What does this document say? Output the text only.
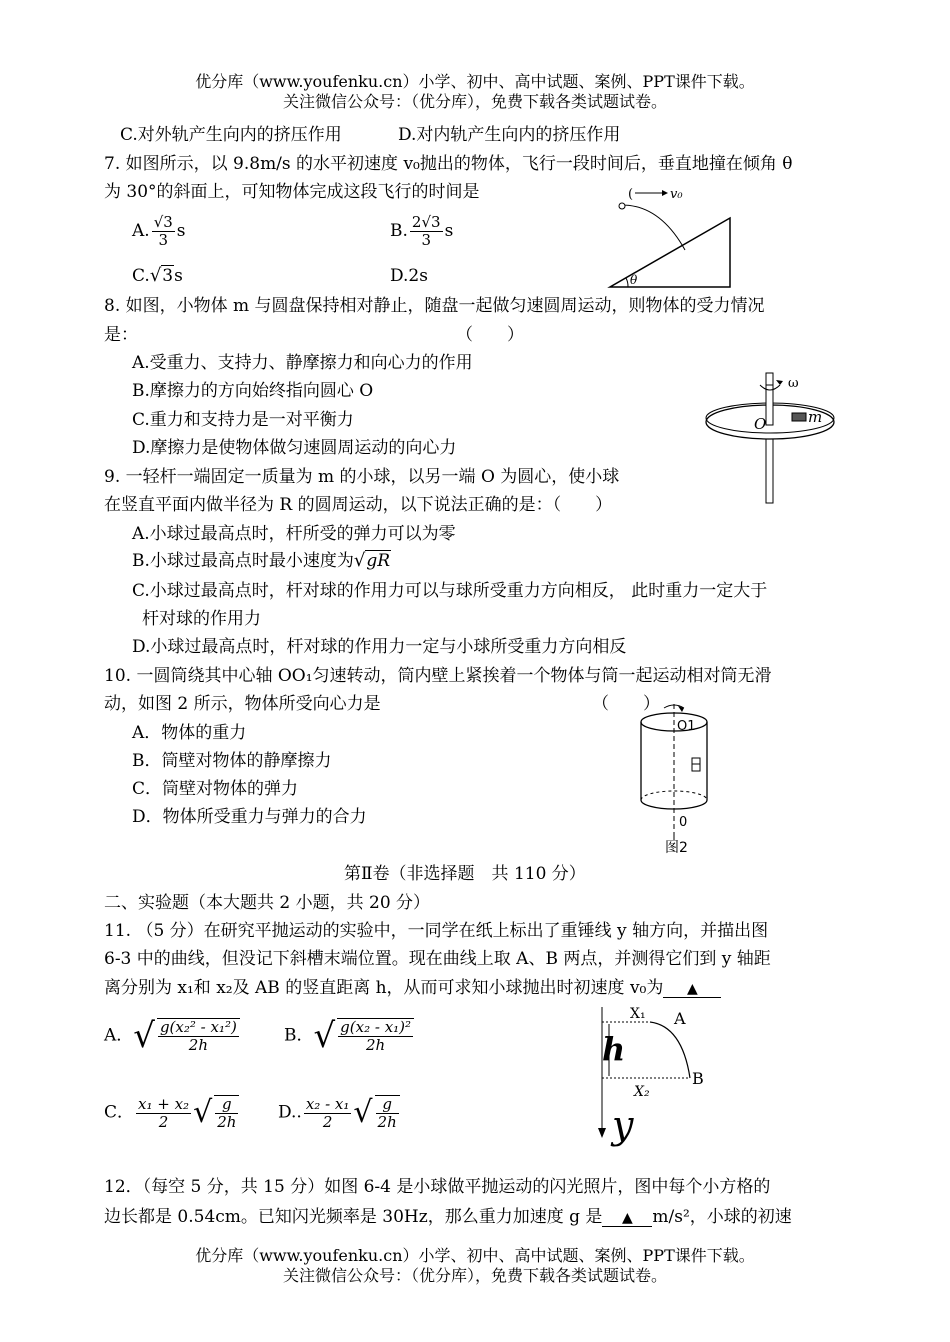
优分库（www.youfenku.cn）小学、初中、高中试题、案例、PPT课件下载。
关注微信公众号：（优分库），免费下载各类试题试卷。
C.对外轨产生向内的挤压作用	D.对内轨产生向内的挤压作用
7. 如图所示，以 9.8m/s 的水平初速度 v₀抛出的物体，飞行一段时间后，垂直地撞在倾角 θ
为 30°的斜面上，可知物体完成这段飞行的时间是
A. $\frac{√3}{3}$ s	B. $\frac{2√3}{3}$ s
C.√3s	D.2s
(	v₀
θ
8. 如图，小物体 m 与圆盘保持相对静止，随盘一起做匀速圆周运动，则物体的受力情况
是：	（　　）
A.受重力、支持力、静摩擦力和向心力的作用
B.摩擦力的方向始终指向圆心 O
C.重力和支持力是一对平衡力
D.摩擦力是使物体做匀速圆周运动的向心力
ω
O	m
9. 一轻杆一端固定一质量为 m 的小球，以另一端 O 为圆心，使小球
在竖直平面内做半径为 R 的圆周运动，以下说法正确的是：（　　）
A.小球过最高点时，杆所受的弹力可以为零
B.小球过最高点时最小速度为√gR
C.小球过最高点时，杆对球的作用力可以与球所受重力方向相反， 此时重力一定大于
杆对球的作用力
D.小球过最高点时，杆对球的作用力一定与小球所受重力方向相反
10. 一圆筒绕其中心轴 OO₁匀速转动，筒内壁上紧挨着一个物体与筒一起运动相对筒无滑
动，如图 2 所示，物体所受向心力是	（　　）
A．物体的重力
B．筒壁对物体的静摩擦力
C．筒壁对物体的弹力
D．物体所受重力与弹力的合力
O1
0
图2
第Ⅱ卷（非选择题　共 110 分）
二、实验题（本大题共 2 小题，共 20 分）
11. （5 分）在研究平抛运动的实验中，一同学在纸上标出了重锤线 y 轴方向，并描出图
6-3 中的曲线，但没记下斜槽末端位置。现在曲线上取 A、B 两点，并测得它们到 y 轴距
离分别为 x₁和 x₂及 AB 的竖直距离 h，从而可求知小球抛出时初速度 v₀为 ▲
A．√ $\frac{\text{g(x₂² - x₁²)}}{2h}$	B．√ $\frac{\text{g(x₂ - x₁)²}}{2h}$
C． $\frac{\text{x₁ + x₂}}{2}$ √ $\frac{g}{2h} D$.. $\frac{\text{x₂ - x₁}}{2}$ √ $\frac{g}{2h}$
X₁ A
B
h
X₂
y
12．（每空 5 分，共 15 分）如图 6-4 是小球做平抛运动的闪光照片，图中每个小方格的
边长都是 0.54cm。已知闪光频率是 30Hz，那么重力加速度 g 是 ▲ m/s²，小球的初速
优分库（www.youfenku.cn）小学、初中、高中试题、案例、PPT课件下载。
关注微信公众号：（优分库），免费下载各类试题试卷。
